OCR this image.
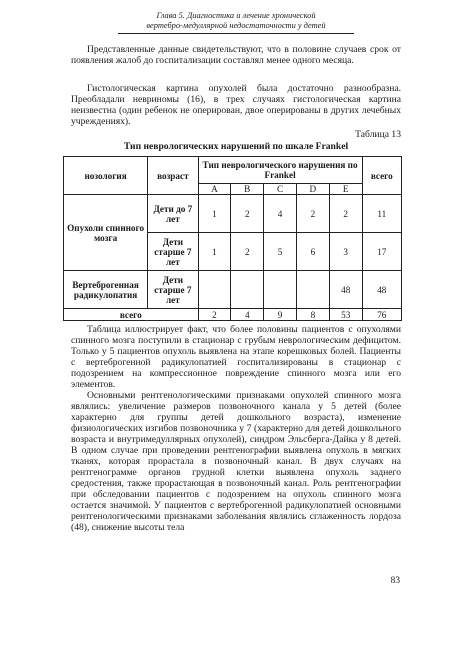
Глава 5. Диагностика и лечение хронической
вертебро-медуллярной недостаточности у детей

Представленные данные свидетельствуют, что в половине случаев срок от появления жалоб до госпитализации составлял менее одного месяца.

Гистологическая картина опухолей была достаточно разнообразна. Преобладали невриномы (16), в трех случаях гистологическая картина неизвестна (один ребенок не оперирован, двое оперированы в других лечебных учреждениях).

Таблица 13
Тип неврологических нарушений по шкале Frankel
нозология	возраст	Тип неврологического нарушения по Frankel					всего
		A	B	C	D	E	
Опухоли спинного мозга	Дети до 7 лет	1	2	4	2	2	11
	Дети старше 7 лет	1	2	5	6	3	17
Вертеброгенная радикулопатия	Дети старше 7 лет					48	48
всего		2	4	9	8	53	76

Таблица иллюстрирует факт, что более половины пациентов с опухолями спинного мозга поступили в стационар с грубым неврологическим дефицитом. Только у 5 пациентов опухоль выявлена на этапе корешковых болей. Пациенты с вертеброгенной радикулопатией госпитализированы в стационар с подозрением на компрессионное повреждение спинного мозга или его элементов.

Основными рентгенологическими признаками опухолей спинного мозга являлись: увеличение размеров позвоночного канала у 5 детей (более характерно для группы детей дошкольного возраста), изменение физиологических изгибов позвоночника у 7 (характерно для детей дошкольного возраста и внутримедуллярных опухолей), синдром Эльсберга-Дайка у 8 детей. В одном случае при проведении рентгенографии выявлена опухоль в мягких тканях, которая прорастала в позвоночный канал. В двух случаях на рентгенограмме органов грудной клетки выявлена опухоль заднего средостения, также прорастающая в позвоночный канал. Роль рентгенографии при обследовании пациентов с подозрением на опухоль спинного мозга остается значимой. У пациентов с вертеброгенной радикулопатией основными рентгенологическими признаками заболевания являлись сглаженность лордоза (48), снижение высоты тела

83
